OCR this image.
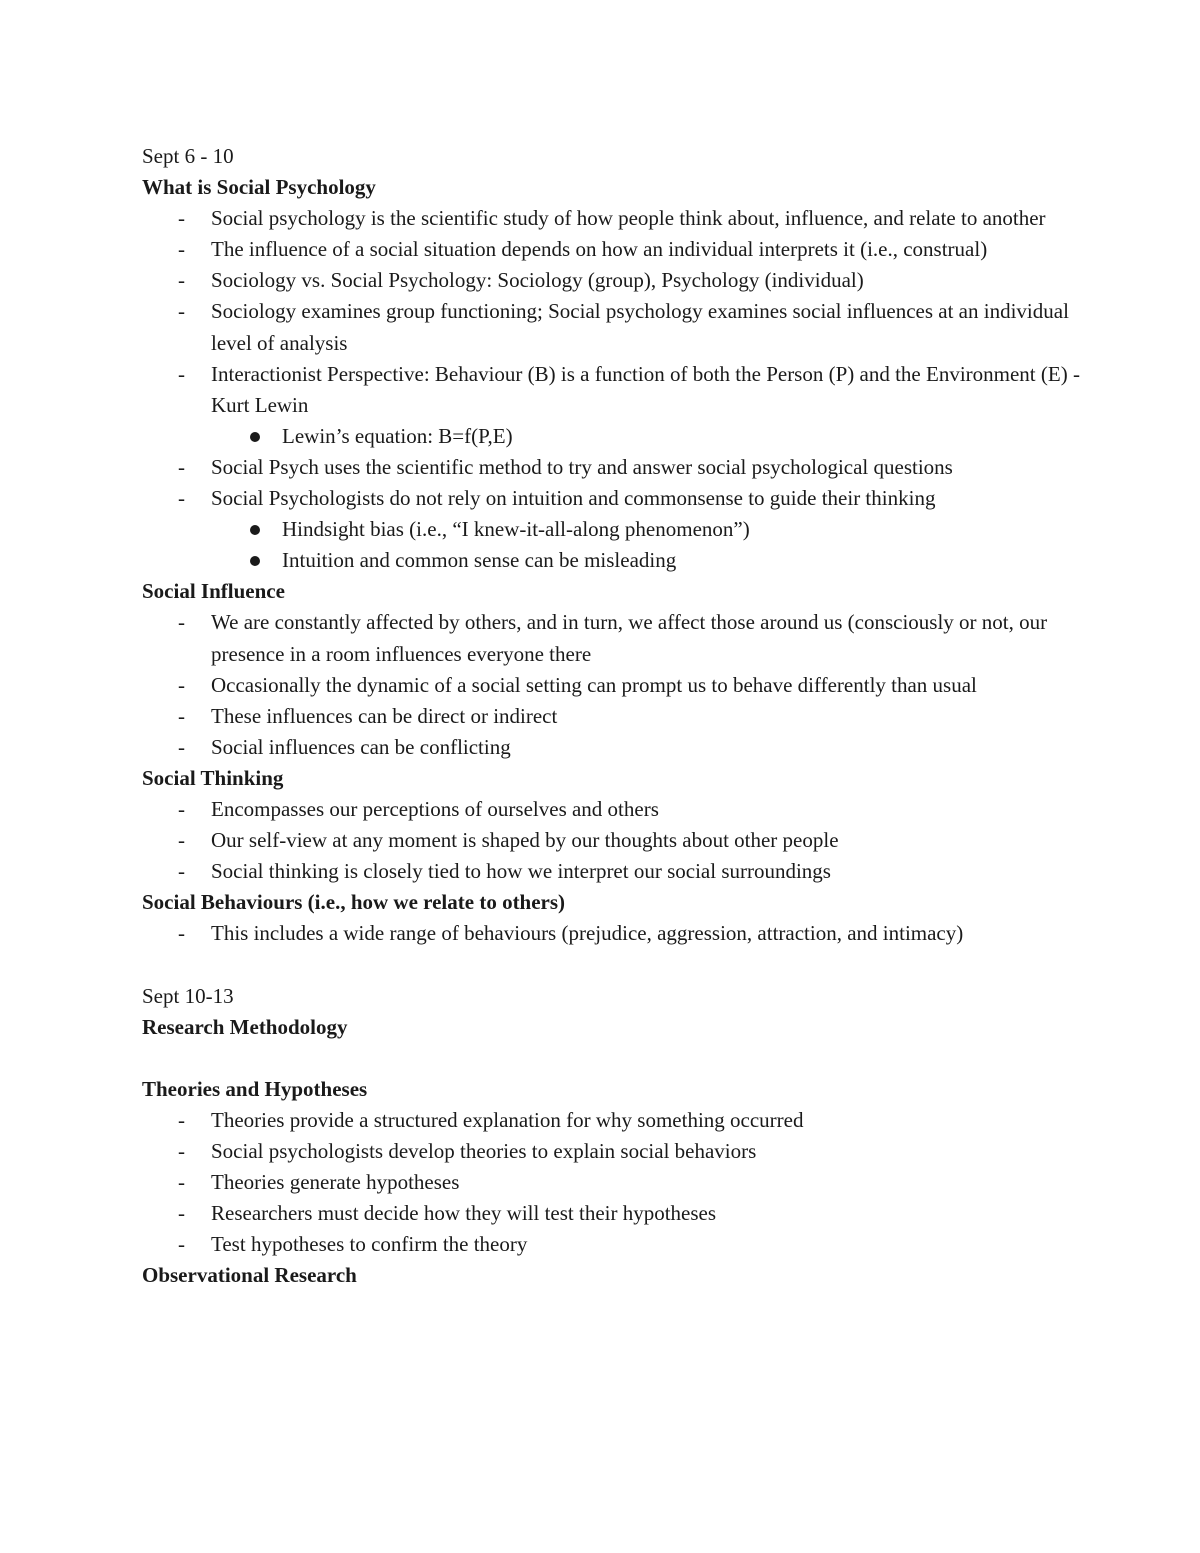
Sept 6 - 10
What is Social Psychology
- Social psychology is the scientific study of how people think about, influence, and relate to another
- The influence of a social situation depends on how an individual interprets it (i.e., construal)
- Sociology vs. Social Psychology: Sociology (group), Psychology (individual)
- Sociology examines group functioning; Social psychology examines social influences at an individual level of analysis
- Interactionist Perspective: Behaviour (B) is a function of both the Person (P) and the Environment (E) - Kurt Lewin
Lewin’s equation: B=f(P,E)
- Social Psych uses the scientific method to try and answer social psychological questions
- Social Psychologists do not rely on intuition and commonsense to guide their thinking
Hindsight bias (i.e., “I knew-it-all-along phenomenon”)
Intuition and common sense can be misleading
Social Influence
- We are constantly affected by others, and in turn, we affect those around us (consciously or not, our presence in a room influences everyone there
- Occasionally the dynamic of a social setting can prompt us to behave differently than usual
- These influences can be direct or indirect
- Social influences can be conflicting
Social Thinking
- Encompasses our perceptions of ourselves and others
- Our self-view at any moment is shaped by our thoughts about other people
- Social thinking is closely tied to how we interpret our social surroundings
Social Behaviours (i.e., how we relate to others)
- This includes a wide range of behaviours (prejudice, aggression, attraction, and intimacy)
Sept 10-13
Research Methodology
Theories and Hypotheses
- Theories provide a structured explanation for why something occurred
- Social psychologists develop theories to explain social behaviors
- Theories generate hypotheses
- Researchers must decide how they will test their hypotheses
- Test hypotheses to confirm the theory
Observational Research
